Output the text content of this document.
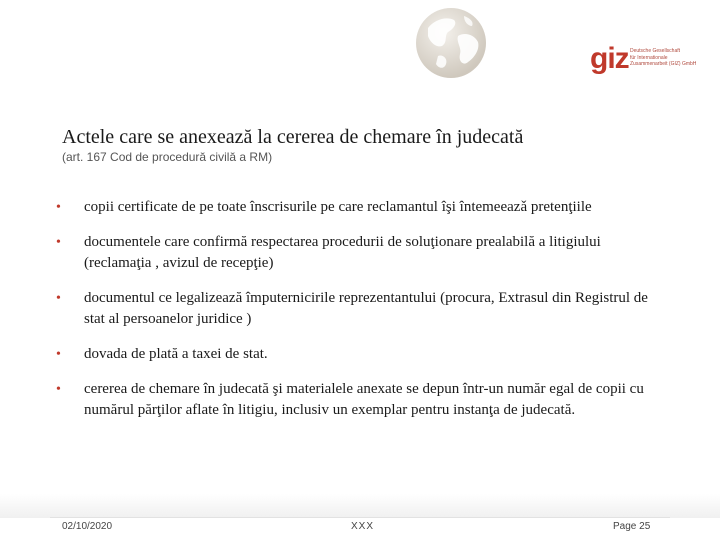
giz Deutsche Gesellschaft
für Internationale
Zusammenarbeit (GIZ) GmbH
Actele care se anexează la cererea de chemare în judecată
(art. 167 Cod de procedură civilă a RM)
• copii certificate de pe toate înscrisurile pe care reclamantul îşi întemeeazǎ pretenţiile
• documentele care confirmă respectarea procedurii de soluţionare prealabilă a litigiului (reclamaţia , avizul de recepţie)
• documentul ce legalizează împuternicirile reprezentantului (procura, Extrasul din Registrul de stat al persoanelor juridice )
• dovada de plată a taxei de stat.
• cererea de chemare în judecată şi materialele anexate se depun într-un număr egal de copii cu numărul părţilor aflate în litigiu, inclusiv un exemplar pentru instanţa de judecată.
02/10/2020	XXX	Page 25
